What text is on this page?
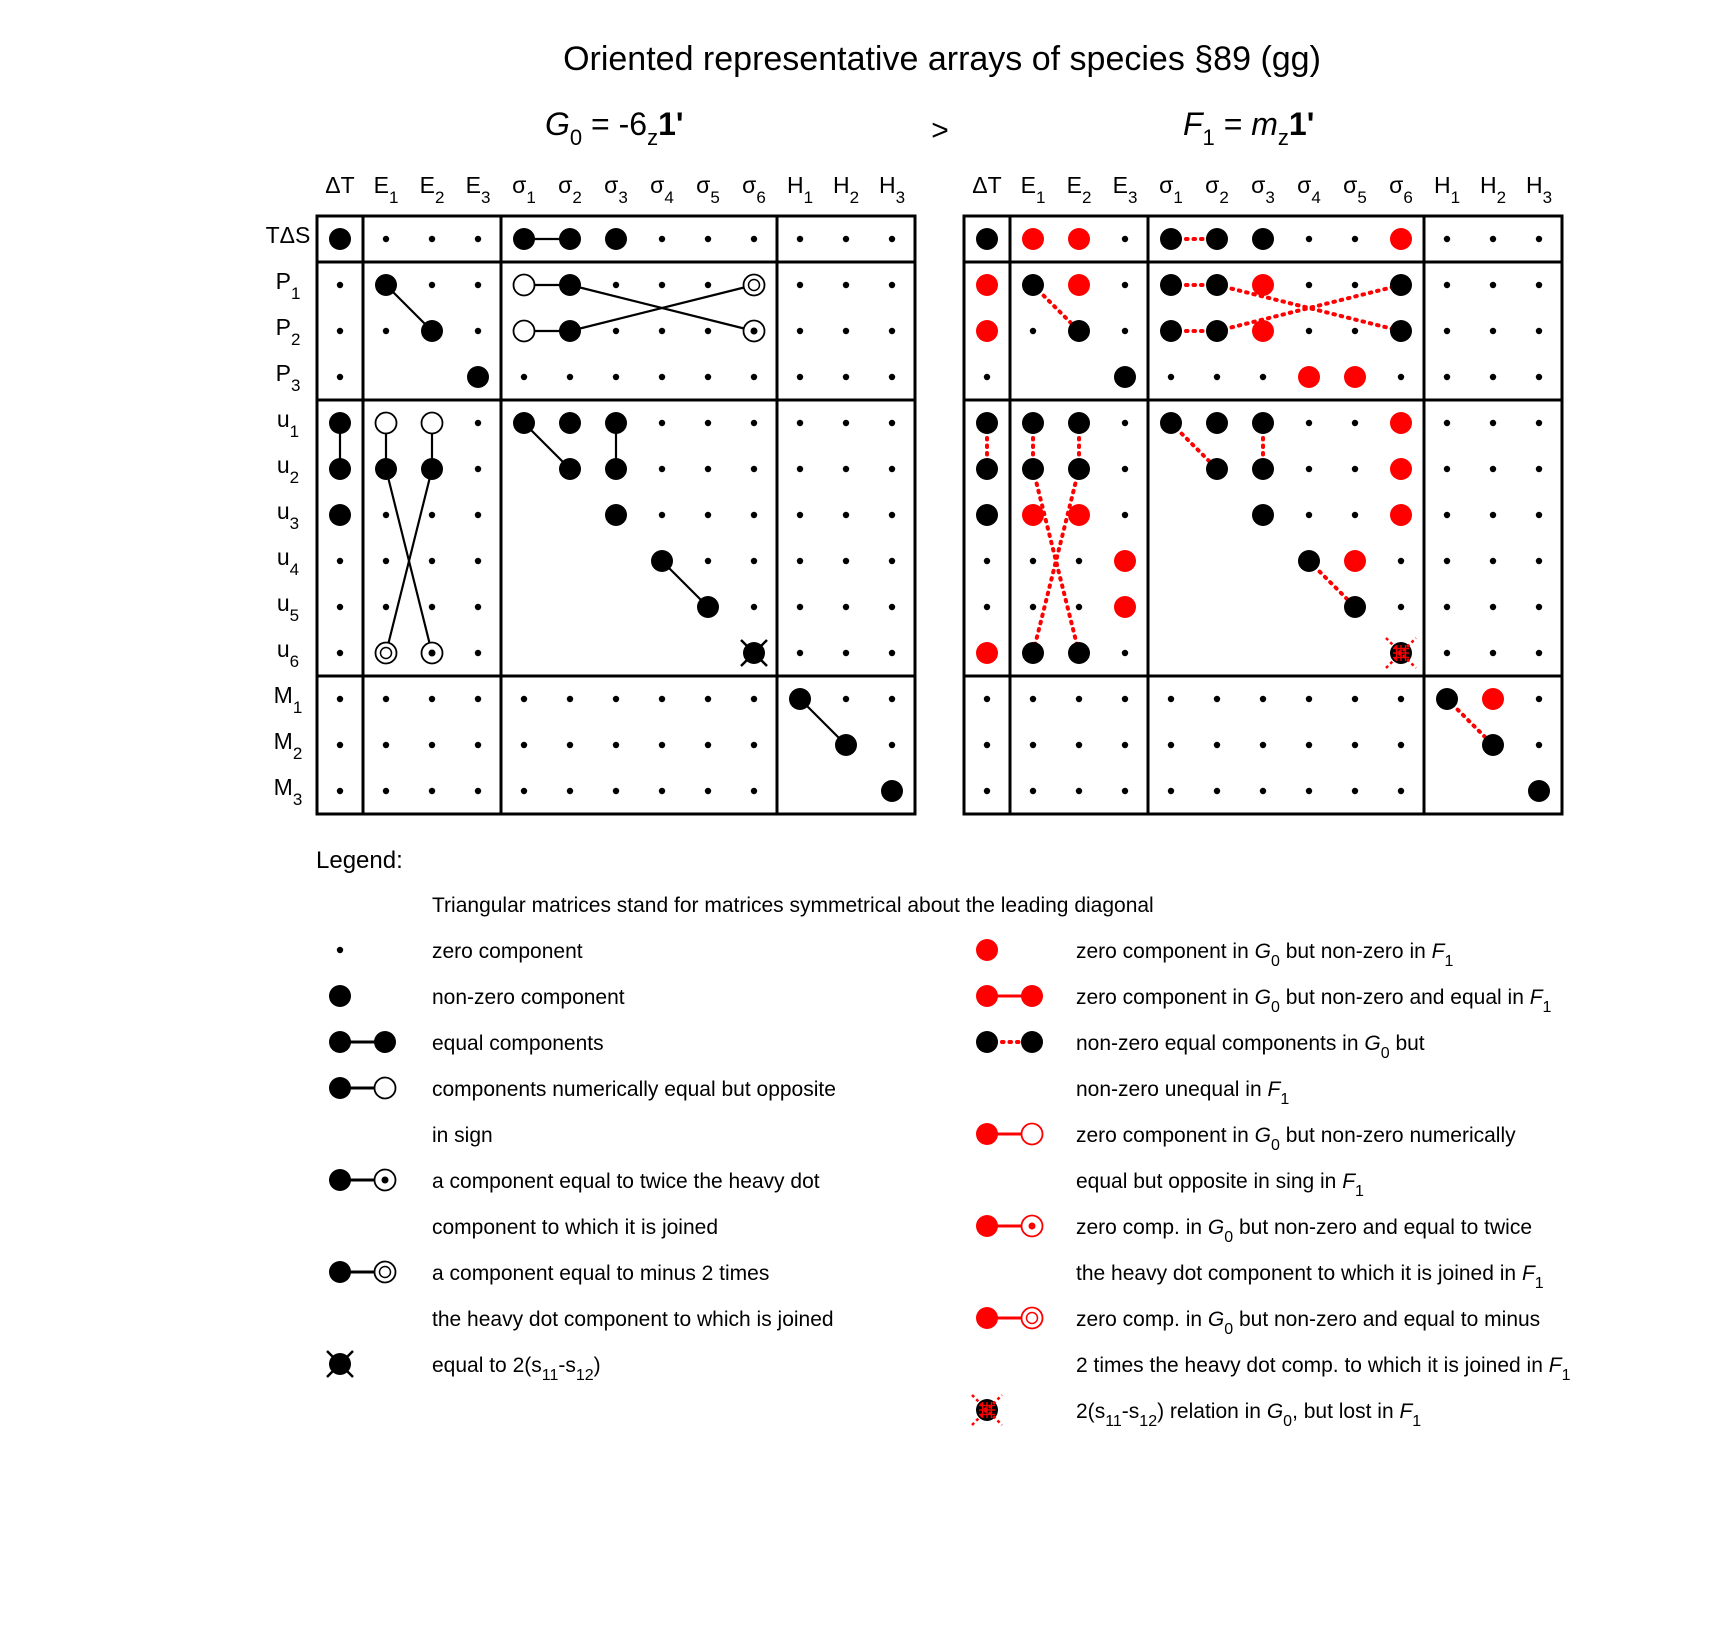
Oriented representative arrays of species §89 (gg)
$G_0 = -6_z1'$	>	$F_1 = m_z1'$
ΔT $E_1$ $E_2$ $E_3$ $\sigma_1$ $\sigma_2$ $\sigma_3$ $\sigma_4$ $\sigma_5$ $\sigma_6$ $H_1$ $H_2$ $H_3$
TΔS
$P_1$
$P_2$
$P_3$
$u_1$
$u_2$
$u_3$
$u_4$
$u_5$
$u_6$
$M_1$
$M_2$
$M_3$
ΔT $E_1$ $E_2$ $E_3$ $\sigma_1$ $\sigma_2$ $\sigma_3$ $\sigma_4$ $\sigma_5$ $\sigma_6$ $H_1$ $H_2$ $H_3$
Legend:
Triangular matrices stand for matrices symmetrical about the leading diagonal
zero component
non-zero component
equal components
components numerically equal but opposite
in sign
a component equal to twice the heavy dot
component to which it is joined
a component equal to minus 2 times
the heavy dot component to which is joined
equal to $2(s_{11}-s_{12})$
zero component in $G_0$ but non-zero in $F_1$
zero component in $G_0$ but non-zero and equal in $F_1$
non-zero equal components in $G_0$ but
non-zero unequal in $F_1$
zero component in $G_0$ but non-zero numerically
equal but opposite in sing in $F_1$
zero comp. in $G_0$ but non-zero and equal to twice
the heavy dot component to which it is joined in $F_1$
zero comp. in $G_0$ but non-zero and equal to minus
2 times the heavy dot comp. to which it is joined in $F_1$
$2(s_{11}-s_{12})$ relation in $G_0$, but lost in $F_1$
